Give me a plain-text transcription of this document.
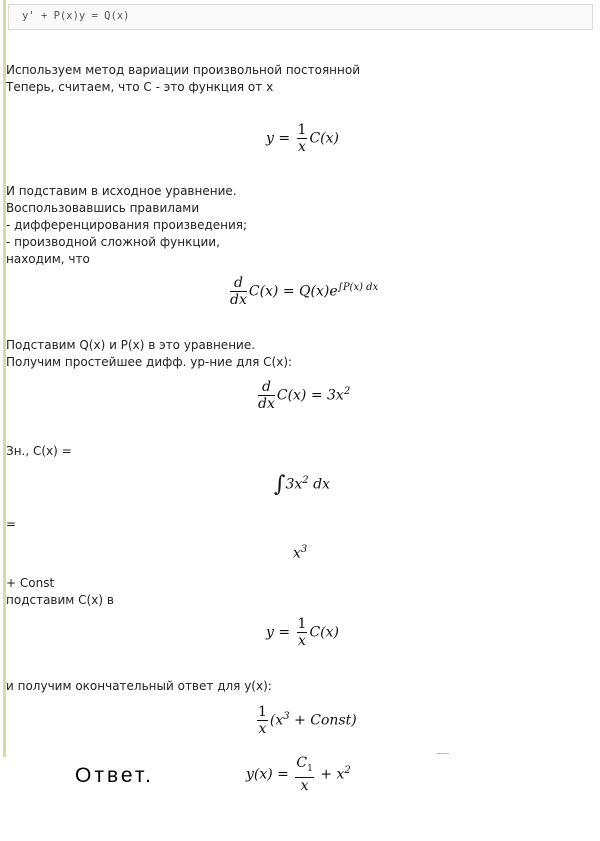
y' + P(x)y = Q(x)
Используем метод вариации произвольной постоянной
Теперь, считаем, что C - это функция от x
$y = \frac{1}{x} C(x)$
И подставим в исходное уравнение.
Воспользовавшись правилами
- дифференцирования произведения;
- производной сложной функции,
находим, что
$\frac{d}{dx} C(x) = Q(x)e^{\int P(x) dx}$
Подставим Q(x) и P(x) в это уравнение.
Получим простейшее дифф. ур-ние для C(x):
$\frac{d}{dx} C(x) = 3x^2$
Зн., C(x) =
$\int 3x^2$ dx
=
$x^3$
+ Const
подставим C(x) в
$y = \frac{1}{x} C(x)$
и получим окончательный ответ для y(x):
$\frac{1}{x} (x^3$ + Const)
Ответ.	$y(x) = \frac{C_1}{x} + x^2$
